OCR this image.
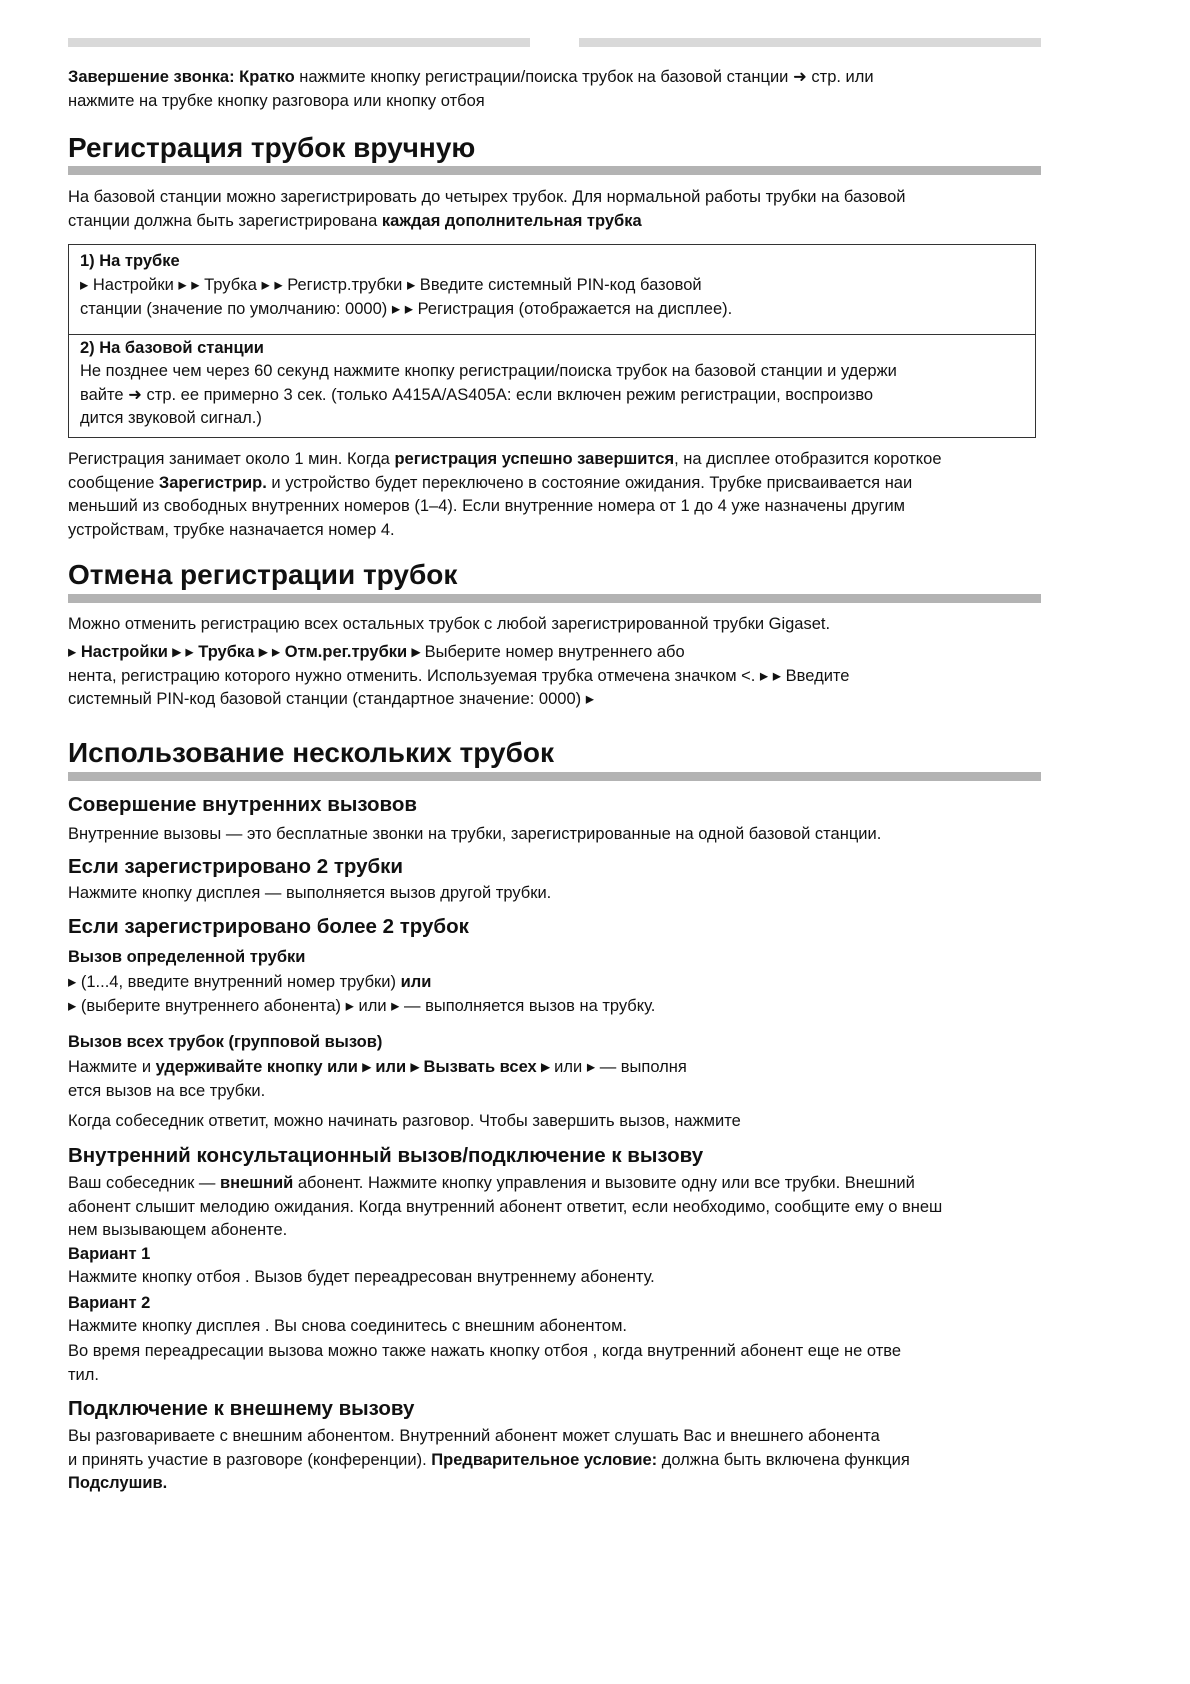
Завершение звонка: Кратко нажмите кнопку регистрации/поиска трубок на базовой станции ➜ стр. или
нажмите на трубке кнопку разговора или кнопку отбоя
Регистрация трубок вручную
На базовой станции можно зарегистрировать до четырех трубок. Для нормальной работы трубки на базовой
станции должна быть зарегистрирована каждая дополнительная трубка
1) На трубке
▸ Настройки ▸ ▸ Трубка ▸ ▸ Регистр.трубки ▸ Введите системный PIN-код базовой
станции (значение по умолчанию: 0000) ▸ ▸ Регистрация (отображается на дисплее).
2) На базовой станции
Не позднее чем через 60 секунд нажмите кнопку регистрации/поиска трубок на базовой станции и удержи
вайте ➜ стр. ее примерно 3 сек. (только A415A/AS405A: если включен режим регистрации, воспроизво
дится звуковой сигнал.)
Регистрация занимает около 1 мин. Когда регистрация успешно завершится, на дисплее отобразится короткое
сообщение Зарегистрир. и устройство будет переключено в состояние ожидания. Трубке присваивается наи
меньший из свободных внутренних номеров (1–4). Если внутренние номера от 1 до 4 уже назначены другим
устройствам, трубке назначается номер 4.
Отмена регистрации трубок
Можно отменить регистрацию всех остальных трубок с любой зарегистрированной трубки Gigaset.
▸ Настройки ▸ ▸ Трубка ▸ ▸ Отм.рег.трубки ▸ Выберите номер внутреннего або
нента, регистрацию которого нужно отменить. Используемая трубка отмечена значком <. ▸ ▸ Введите
системный PIN-код базовой станции (стандартное значение: 0000) ▸
Использование нескольких трубок
Совершение внутренних вызовов
Внутренние вызовы — это бесплатные звонки на трубки, зарегистрированные на одной базовой станции.
Если зарегистрировано 2 трубки
Нажмите кнопку дисплея — выполняется вызов другой трубки.
Если зарегистрировано более 2 трубок
Вызов определенной трубки
▸ (1...4, введите внутренний номер трубки) или
▸ (выберите внутреннего абонента) ▸ или ▸ — выполняется вызов на трубку.
Вызов всех трубок (групповой вызов)
Нажмите и удерживайте кнопку или ▸ или ▸ Вызвать всех ▸ или ▸ — выполня
ется вызов на все трубки.
Когда собеседник ответит, можно начинать разговор. Чтобы завершить вызов, нажмите
Внутренний консультационный вызов/подключение к вызову
Ваш собеседник — внешний абонент. Нажмите кнопку управления и вызовите одну или все трубки. Внешний
абонент слышит мелодию ожидания. Когда внутренний абонент ответит, если необходимо, сообщите ему о внеш
нем вызывающем абоненте.
Вариант 1
Нажмите кнопку отбоя . Вызов будет переадресован внутреннему абоненту.
Вариант 2
Нажмите кнопку дисплея . Вы снова соединитесь с внешним абонентом.
Во время переадресации вызова можно также нажать кнопку отбоя , когда внутренний абонент еще не отве
тил.
Подключение к внешнему вызову
Вы разговариваете с внешним абонентом. Внутренний абонент может слушать Вас и внешнего абонента
и принять участие в разговоре (конференции). Предварительное условие: должна быть включена функция
Подслушив.
